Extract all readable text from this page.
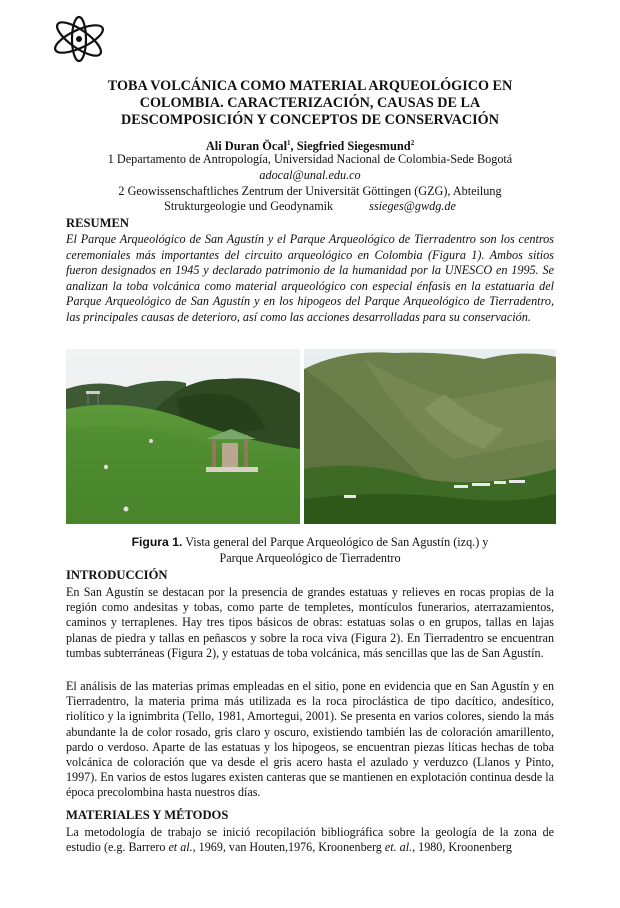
TOBA VOLCÁNICA COMO MATERIAL ARQUEOLÓGICO EN
COLOMBIA. CARACTERIZACIÓN, CAUSAS DE LA
DESCOMPOSICIÓN Y CONCEPTOS DE CONSERVACIÓN
Ali Duran Öcal$^1$, Siegfried Siegesmund$^2$
1 Departamento de Antropología, Universidad Nacional de Colombia-Sede Bogotá
adocal@unal.edu.co
2 Geowissenschaftliches Zentrum der Universität Göttingen (GZG), Abteilung
Strukturgeologie und Geodynamik	ssieges@gwdg.de
RESUMEN
El Parque Arqueológico de San Agustín y el Parque Arqueológico de Tierradentro son los centros ceremoniales más importantes del circuito arqueológico en Colombia (Figura 1). Ambos sitios fueron designados en 1945 y declarado patrimonio de la humanidad por la UNESCO en 1995. Se analizan la toba volcánica como material arqueológico con especial énfasis en la estatuaria del Parque Arqueológico de San Agustín y en los hipogeos del Parque Arqueológico de Tierradentro, las principales causas de deterioro, así como las acciones desarrolladas para su conservación.
Figura 1. Vista general del Parque Arqueológico de San Agustín (izq.) y
Parque Arqueológico de Tierradentro
INTRODUCCIÓN

En San Agustín se destacan por la presencia de grandes estatuas y relieves en rocas propias de la región como andesitas y tobas, como parte de templetes, montículos funerarios, aterrazamientos, caminos y terraplenes. Hay tres tipos básicos de obras: estatuas solas o en grupos, tallas en lajas planas de piedra y tallas en peñascos y sobre la roca viva (Figura 2). En Tierradentro se encuentran tumbas subterráneas (Figura 2), y estatuas de toba volcánica, más sencillas que las de San Agustín.

El análisis de las materias primas empleadas en el sitio, pone en evidencia que en San Agustín y en Tierradentro, la materia prima más utilizada es la roca piroclástica de tipo dacítico, andesítico, riolítico y la ignimbrita (Tello, 1981, Amortegui, 2001). Se presenta en varios colores, siendo la más abundante la de color rosado, gris claro y oscuro, existiendo también las de coloración amarillento, pardo o verdoso. Aparte de las estatuas y los hipogeos, se encuentran piezas líticas hechas de toba volcánica de coloración que va desde el gris acero hasta el azulado y verduzco (Llanos y Pinto, 1997). En varios de estos lugares existen canteras que se mantienen en explotación continua desde la época precolombina hasta nuestros días.

MATERIALES Y MÉTODOS

La metodología de trabajo se inició recopilación bibliográfica sobre la geología de la zona de estudio (e.g. Barrero et al., 1969, van Houten,1976, Kroonenberg et. al., 1980, Kroonenberg
